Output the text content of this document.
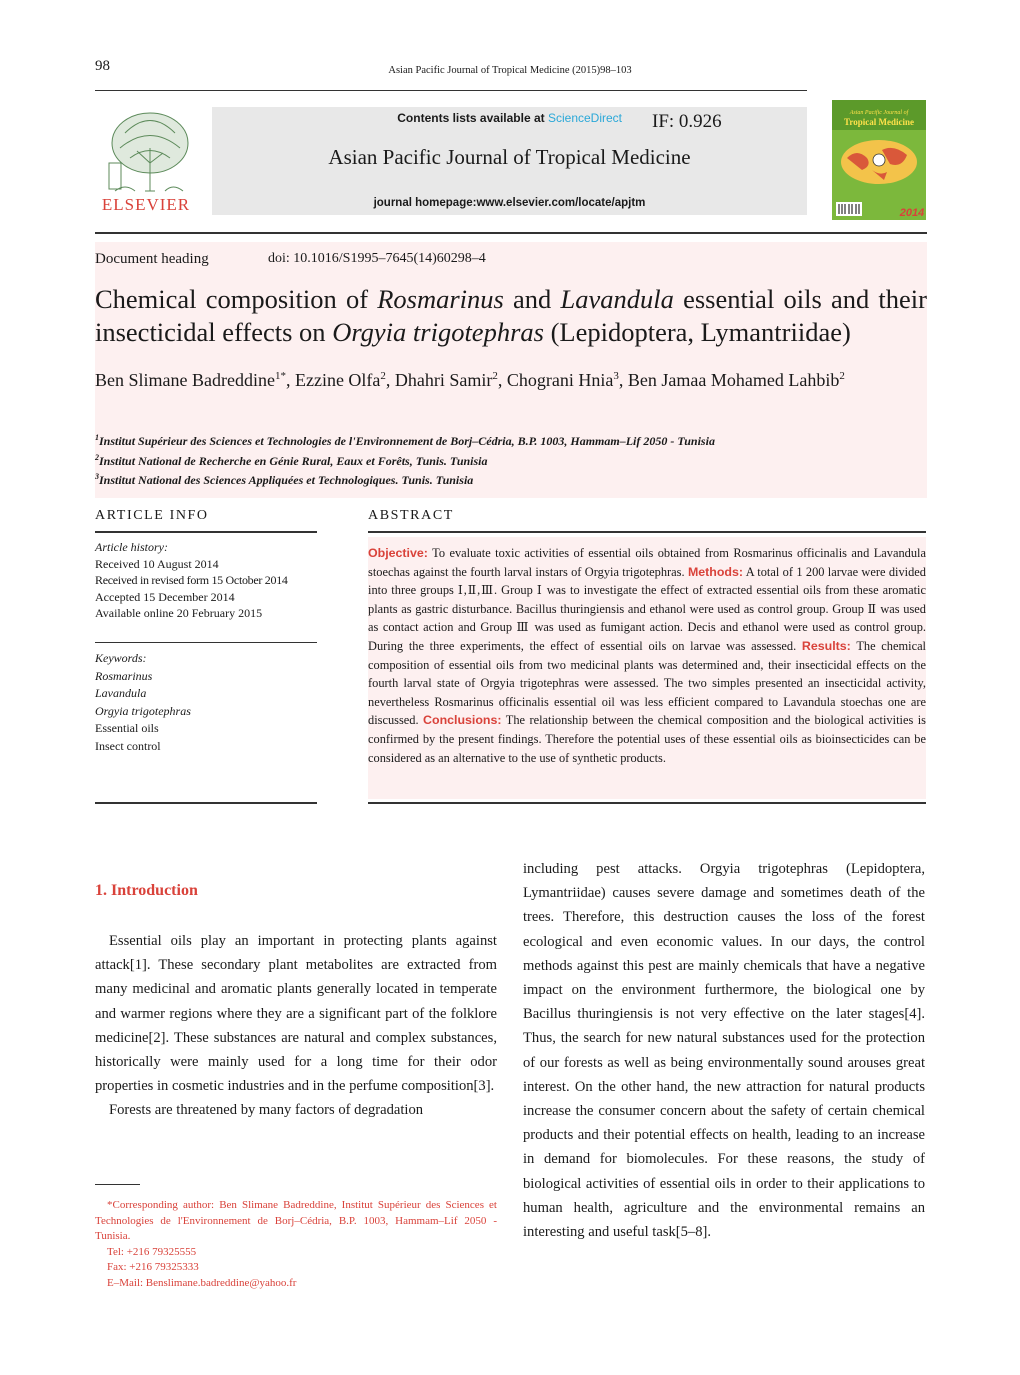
98	Asian Pacific Journal of Tropical Medicine (2015)98–103
ELSEVIER
Contents lists available at ScienceDirect IF: 0.926
Asian Pacific Journal of Tropical Medicine
journal homepage:www.elsevier.com/locate/apjtm
Asian Pacific Journal of
Tropical Medicine
2014
Document heading	doi: 10.1016/S1995–7645(14)60298–4
Chemical composition of Rosmarinus and Lavandula essential oils and their insecticidal effects on Orgyia trigotephras (Lepidoptera, Lymantriidae)
Ben Slimane Badreddine$^{1*}$, Ezzine Olfa$^2$, Dhahri Samir$^2$, Chograni Hnia$^3$, Ben Jamaa Mohamed Lahbib$^2$
$^1$Institut Supérieur des Sciences et Technologies de l'Environnement de Borj–Cédria, B.P. 1003, Hammam–Lif 2050 - Tunisia
$^2$Institut National de Recherche en Génie Rural, Eaux et Forêts, Tunis. Tunisia
$^3$Institut National des Sciences Appliquées et Technologiques. Tunis. Tunisia
ARTICLE INFO	ABSTRACT
Article history:
Received 10 August 2014
Received in revised form 15 October 2014
Accepted 15 December 2014
Available online 20 February 2015
Keywords:
Rosmarinus
Lavandula
Orgyia trigotephras
Essential oils
Insect control
Objective: To evaluate toxic activities of essential oils obtained from Rosmarinus officinalis and Lavandula stoechas against the fourth larval instars of Orgyia trigotephras. Methods: A total of 1 200 larvae were divided into three groups Ⅰ,Ⅱ,Ⅲ. Group Ⅰ was to investigate the effect of extracted essential oils from these aromatic plants as gastric disturbance. Bacillus thuringiensis and ethanol were used as control group. Group Ⅱ was used as contact action and Group Ⅲ was used as fumigant action. Decis and ethanol were used as control group. During the three experiments, the effect of essential oils on larvae was assessed. Results: The chemical composition of essential oils from two medicinal plants was determined and, their insecticidal effects on the fourth larval state of Orgyia trigotephras were assessed. The two simples presented an insecticidal activity, nevertheless Rosmarinus officinalis essential oil was less efficient compared to Lavandula stoechas one are discussed. Conclusions: The relationship between the chemical composition and the biological activities is confirmed by the present findings. Therefore the potential uses of these essential oils as bioinsecticides can be considered as an alternative to the use of synthetic products.
1. Introduction

Essential oils play an important in protecting plants against attack[1]. These secondary plant metabolites are extracted from many medicinal and aromatic plants generally located in temperate and warmer regions where they are a significant part of the folklore medicine[2]. These substances are natural and complex substances, historically were mainly used for a long time for their odor properties in cosmetic industries and in the perfume composition[3].

Forests are threatened by many factors of degradation

including pest attacks. Orgyia trigotephras (Lepidoptera, Lymantriidae) causes severe damage and sometimes death of the trees. Therefore, this destruction causes the loss of the forest ecological and even economic values. In our days, the control methods against this pest are mainly chemicals that have a negative impact on the environment furthermore, the biological one by Bacillus thuringiensis is not very effective on the later stages[4]. Thus, the search for new natural substances used for the protection of our forests as well as being environmentally sound arouses great interest. On the other hand, the new attraction for natural products increase the consumer concern about the safety of certain chemical products and their potential effects on health, leading to an increase in demand for biomolecules. For these reasons, the study of biological activities of essential oils in order to their applications to human health, agriculture and the environmental remains an interesting and useful task[5–8].

*Corresponding author: Ben Slimane Badreddine, Institut Supérieur des Sciences et Technologies de l'Environnement de Borj–Cédria, B.P. 1003, Hammam–Lif 2050 - Tunisia.
Tel: +216 79325555
Fax: +216 79325333
E–Mail: Benslimane.badreddine@yahoo.fr
